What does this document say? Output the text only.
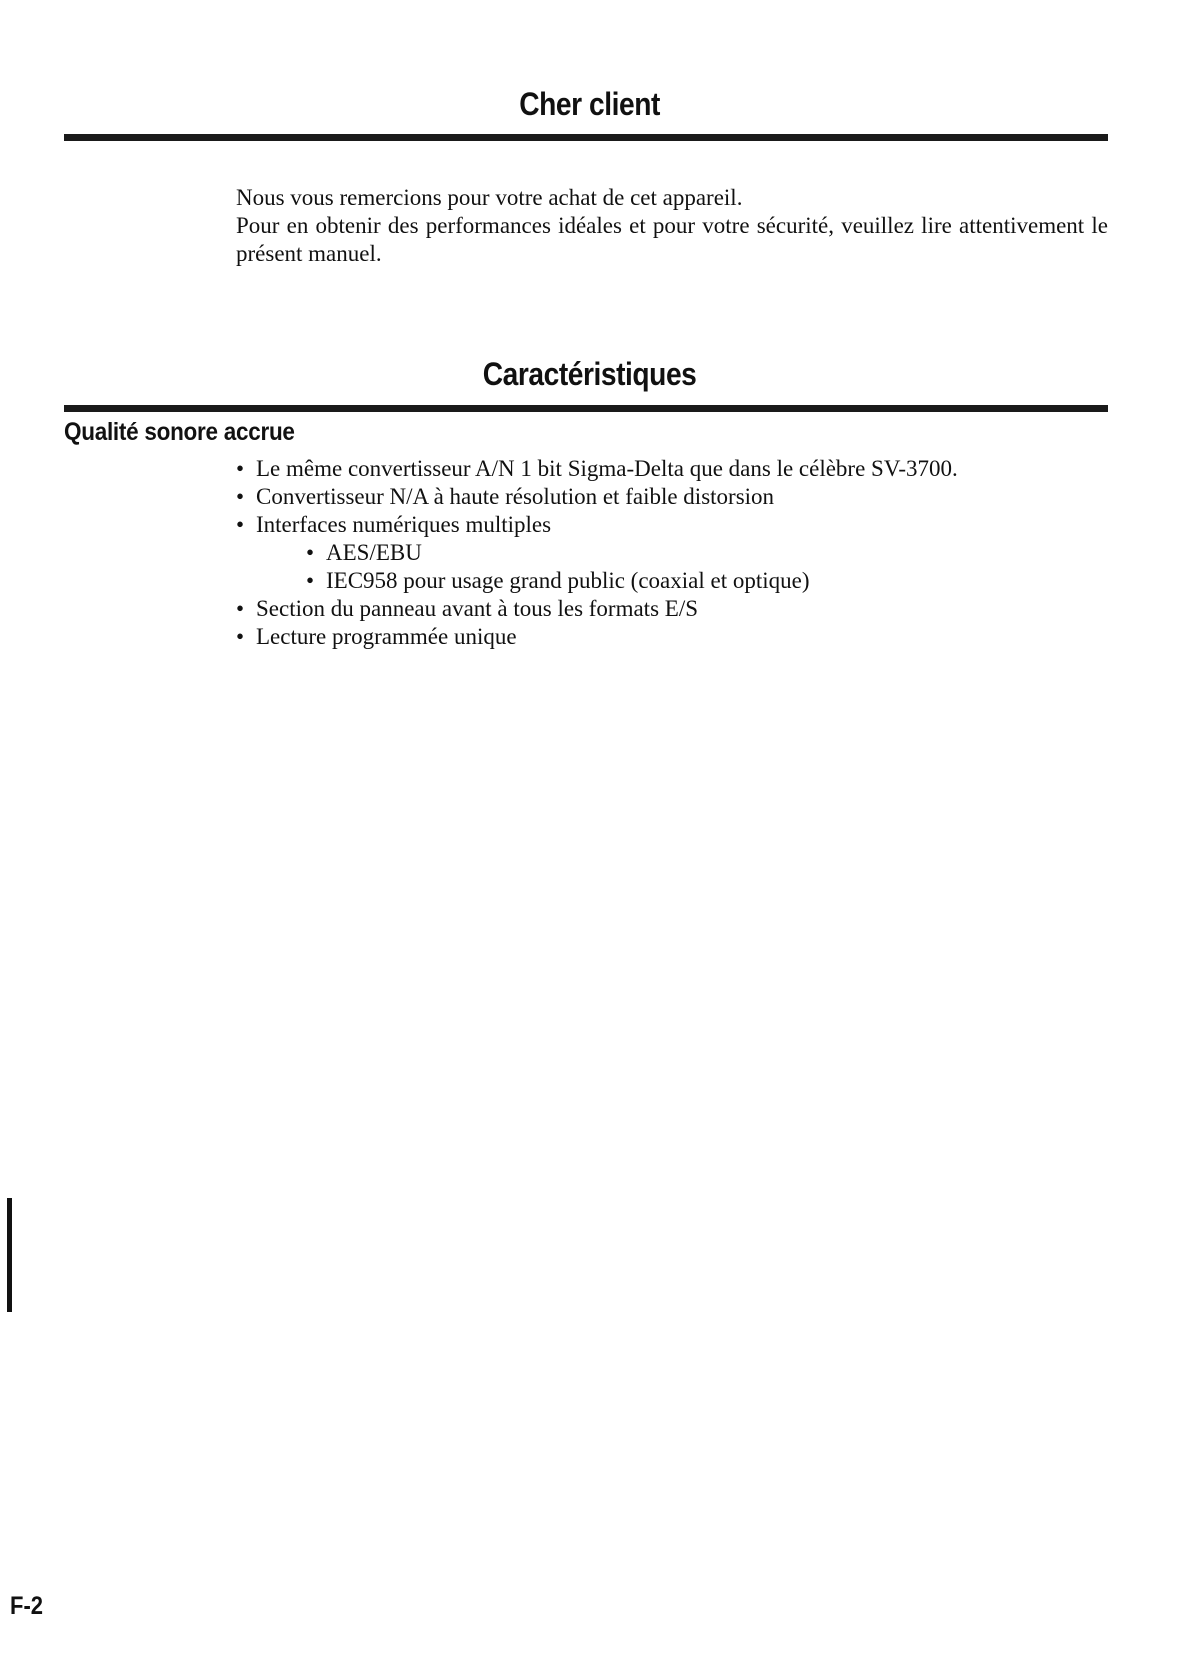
Cher client

Nous vous remercions pour votre achat de cet appareil.

Pour en obtenir des performances idéales et pour votre sécurité, veuillez lire attentivement le présent manuel.

Caractéristiques
Qualité sonore accrue
• Le même convertisseur A/N 1 bit Sigma-Delta que dans le célèbre SV-3700.
• Convertisseur N/A à haute résolution et faible distorsion
• Interfaces numériques multiples
• AES/EBU
• IEC958 pour usage grand public (coaxial et optique)
• Section du panneau avant à tous les formats E/S
• Lecture programmée unique
F-2
